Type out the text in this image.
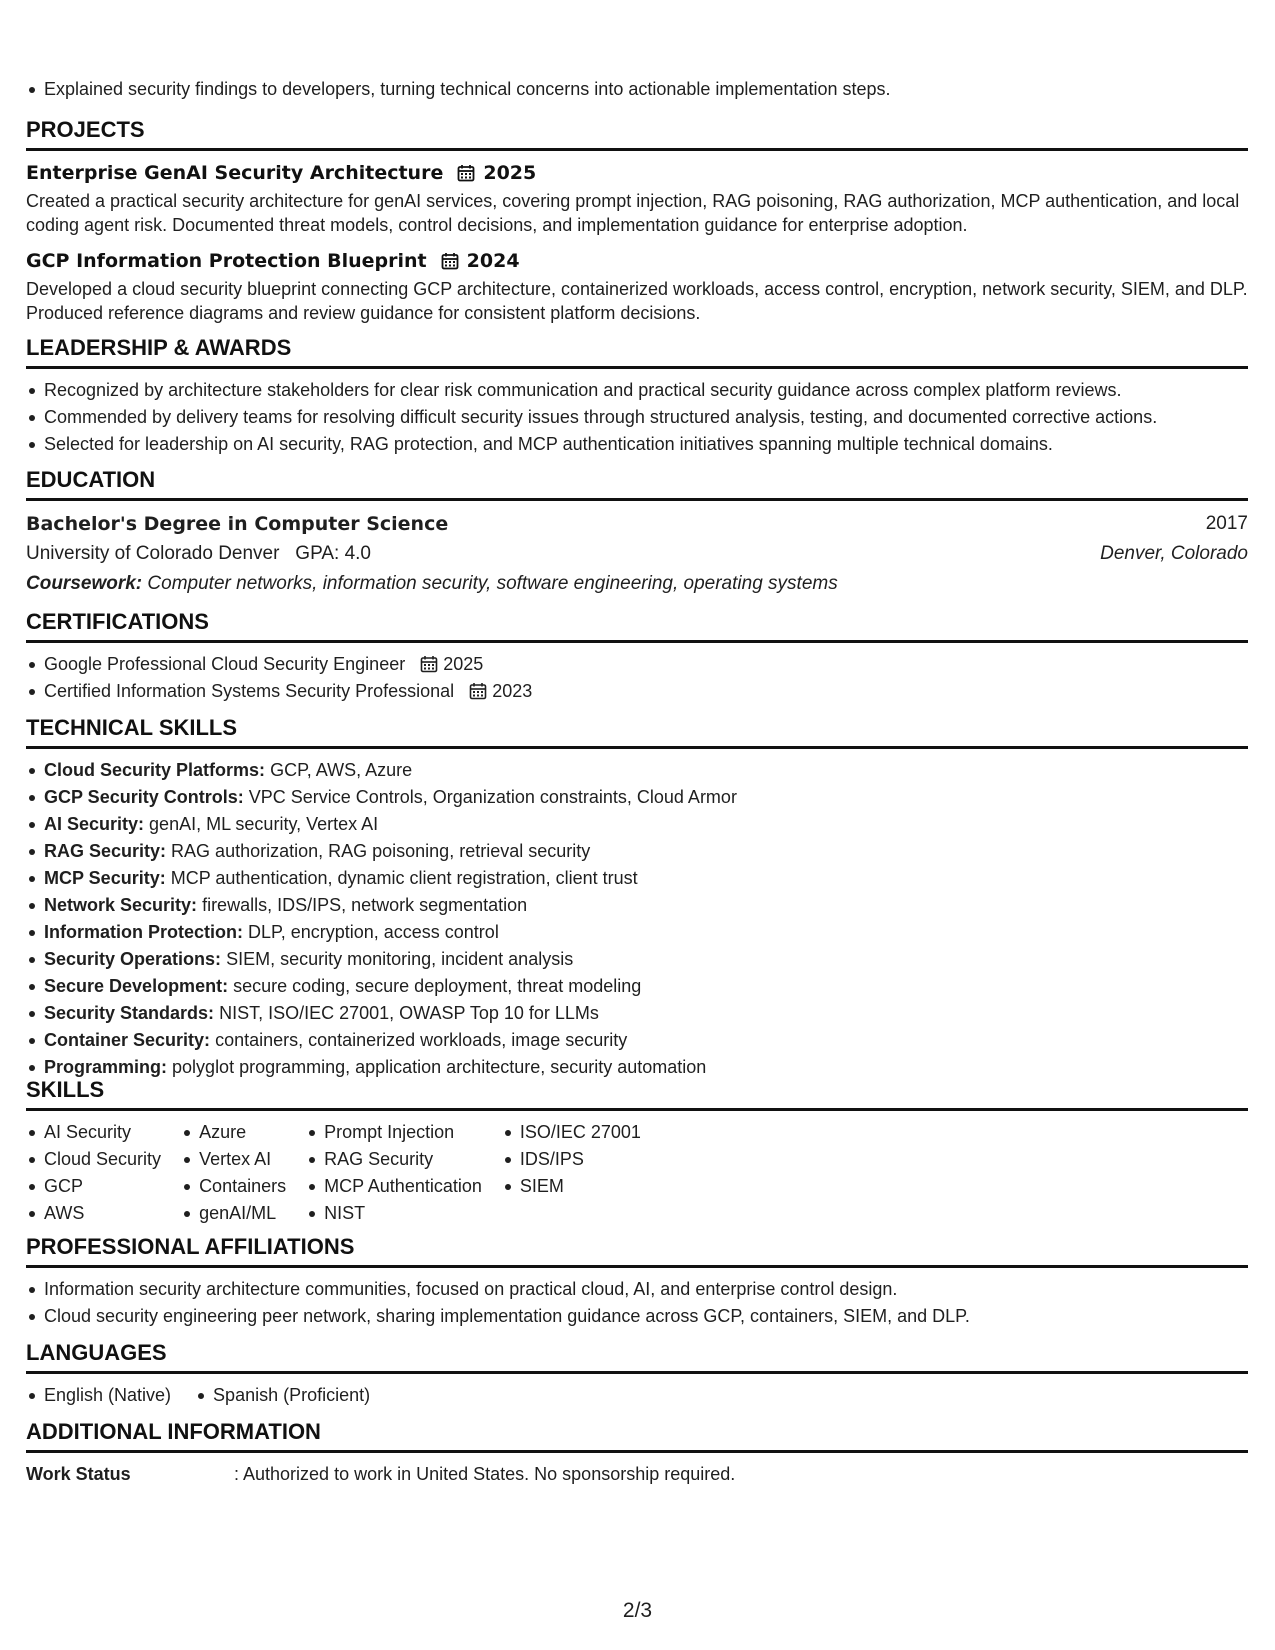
Explained security findings to developers, turning technical concerns into actionable implementation steps.
PROJECTS
Enterprise GenAI Security Architecture 2025
Created a practical security architecture for genAI services, covering prompt injection, RAG poisoning, RAG authorization, MCP authentication, and local coding agent risk. Documented threat models, control decisions, and implementation guidance for enterprise adoption.
GCP Information Protection Blueprint 2024
Developed a cloud security blueprint connecting GCP architecture, containerized workloads, access control, encryption, network security, SIEM, and DLP. Produced reference diagrams and review guidance for consistent platform decisions.
LEADERSHIP & AWARDS
Recognized by architecture stakeholders for clear risk communication and practical security guidance across complex platform reviews.
Commended by delivery teams for resolving difficult security issues through structured analysis, testing, and documented corrective actions.
Selected for leadership on AI security, RAG protection, and MCP authentication initiatives spanning multiple technical domains.
EDUCATION
Bachelor's Degree in Computer Science	2017
University of Colorado Denver GPA: 4.0	Denver, Colorado
Coursework: Computer networks, information security, software engineering, operating systems
CERTIFICATIONS
Google Professional Cloud Security Engineer 2025
Certified Information Systems Security Professional 2023
TECHNICAL SKILLS
Cloud Security Platforms: GCP, AWS, Azure
GCP Security Controls: VPC Service Controls, Organization constraints, Cloud Armor
AI Security: genAI, ML security, Vertex AI
RAG Security: RAG authorization, RAG poisoning, retrieval security
MCP Security: MCP authentication, dynamic client registration, client trust
Network Security: firewalls, IDS/IPS, network segmentation
Information Protection: DLP, encryption, access control
Security Operations: SIEM, security monitoring, incident analysis
Secure Development: secure coding, secure deployment, threat modeling
Security Standards: NIST, ISO/IEC 27001, OWASP Top 10 for LLMs
Container Security: containers, containerized workloads, image security
Programming: polyglot programming, application architecture, security automation
SKILLS
AI Security
Cloud Security
GCP
AWS
Azure
Vertex AI
Containers
genAI/ML
Prompt Injection
RAG Security
MCP Authentication
NIST
ISO/IEC 27001
IDS/IPS
SIEM
PROFESSIONAL AFFILIATIONS
Information security architecture communities, focused on practical cloud, AI, and enterprise control design.
Cloud security engineering peer network, sharing implementation guidance across GCP, containers, SIEM, and DLP.
LANGUAGES
English (Native)	Spanish (Proficient)
ADDITIONAL INFORMATION
Work Status	: Authorized to work in United States. No sponsorship required.
2/3
